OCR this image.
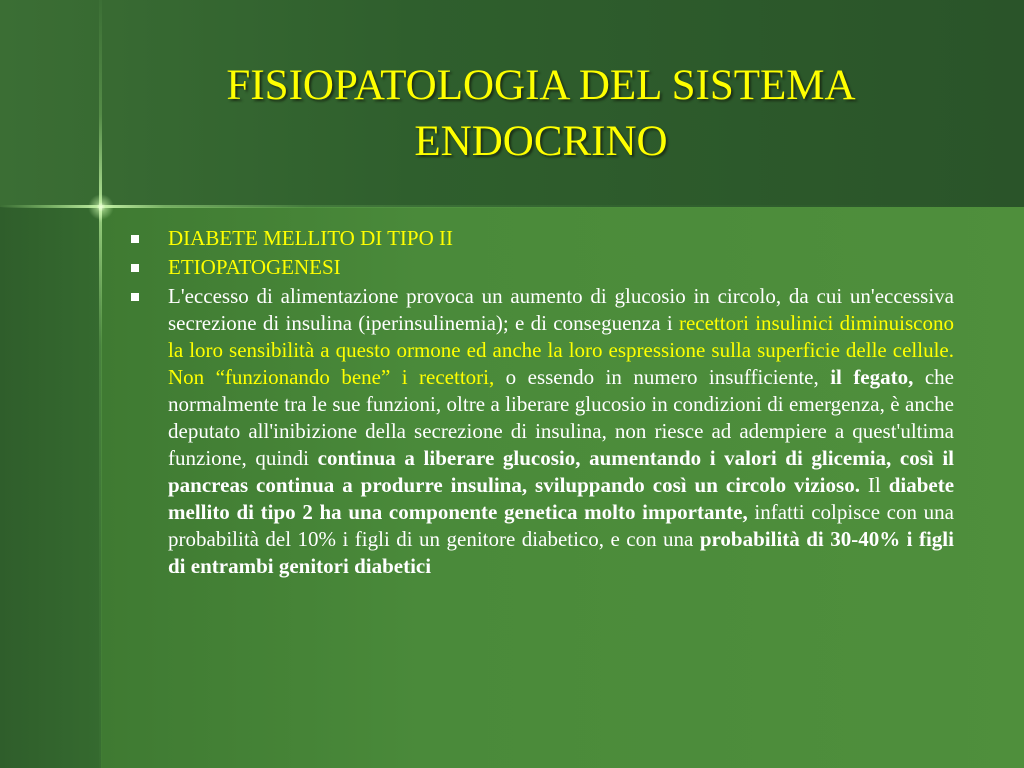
FISIOPATOLOGIA DEL SISTEMA
ENDOCRINO
DIABETE MELLITO DI TIPO II
ETIOPATOGENESI
L'eccesso di alimentazione provoca un aumento di glucosio in circolo, da cui un'eccessiva secrezione di insulina (iperinsulinemia); e di conseguenza i recettori insulinici diminuiscono la loro sensibilità a questo ormone ed anche la loro espressione sulla superficie delle cellule. Non “funzionando bene” i recettori, o essendo in numero insufficiente, il fegato, che normalmente tra le sue funzioni, oltre a liberare glucosio in condizioni di emergenza, è anche deputato all'inibizione della secrezione di insulina, non riesce ad adempiere a quest'ultima funzione, quindi continua a liberare glucosio, aumentando i valori di glicemia, così il pancreas continua a produrre insulina, sviluppando così un circolo vizioso. Il diabete mellito di tipo 2 ha una componente genetica molto importante, infatti colpisce con una probabilità del 10% i figli di un genitore diabetico, e con una probabilità di 30-40% i figli di entrambi genitori diabetici
